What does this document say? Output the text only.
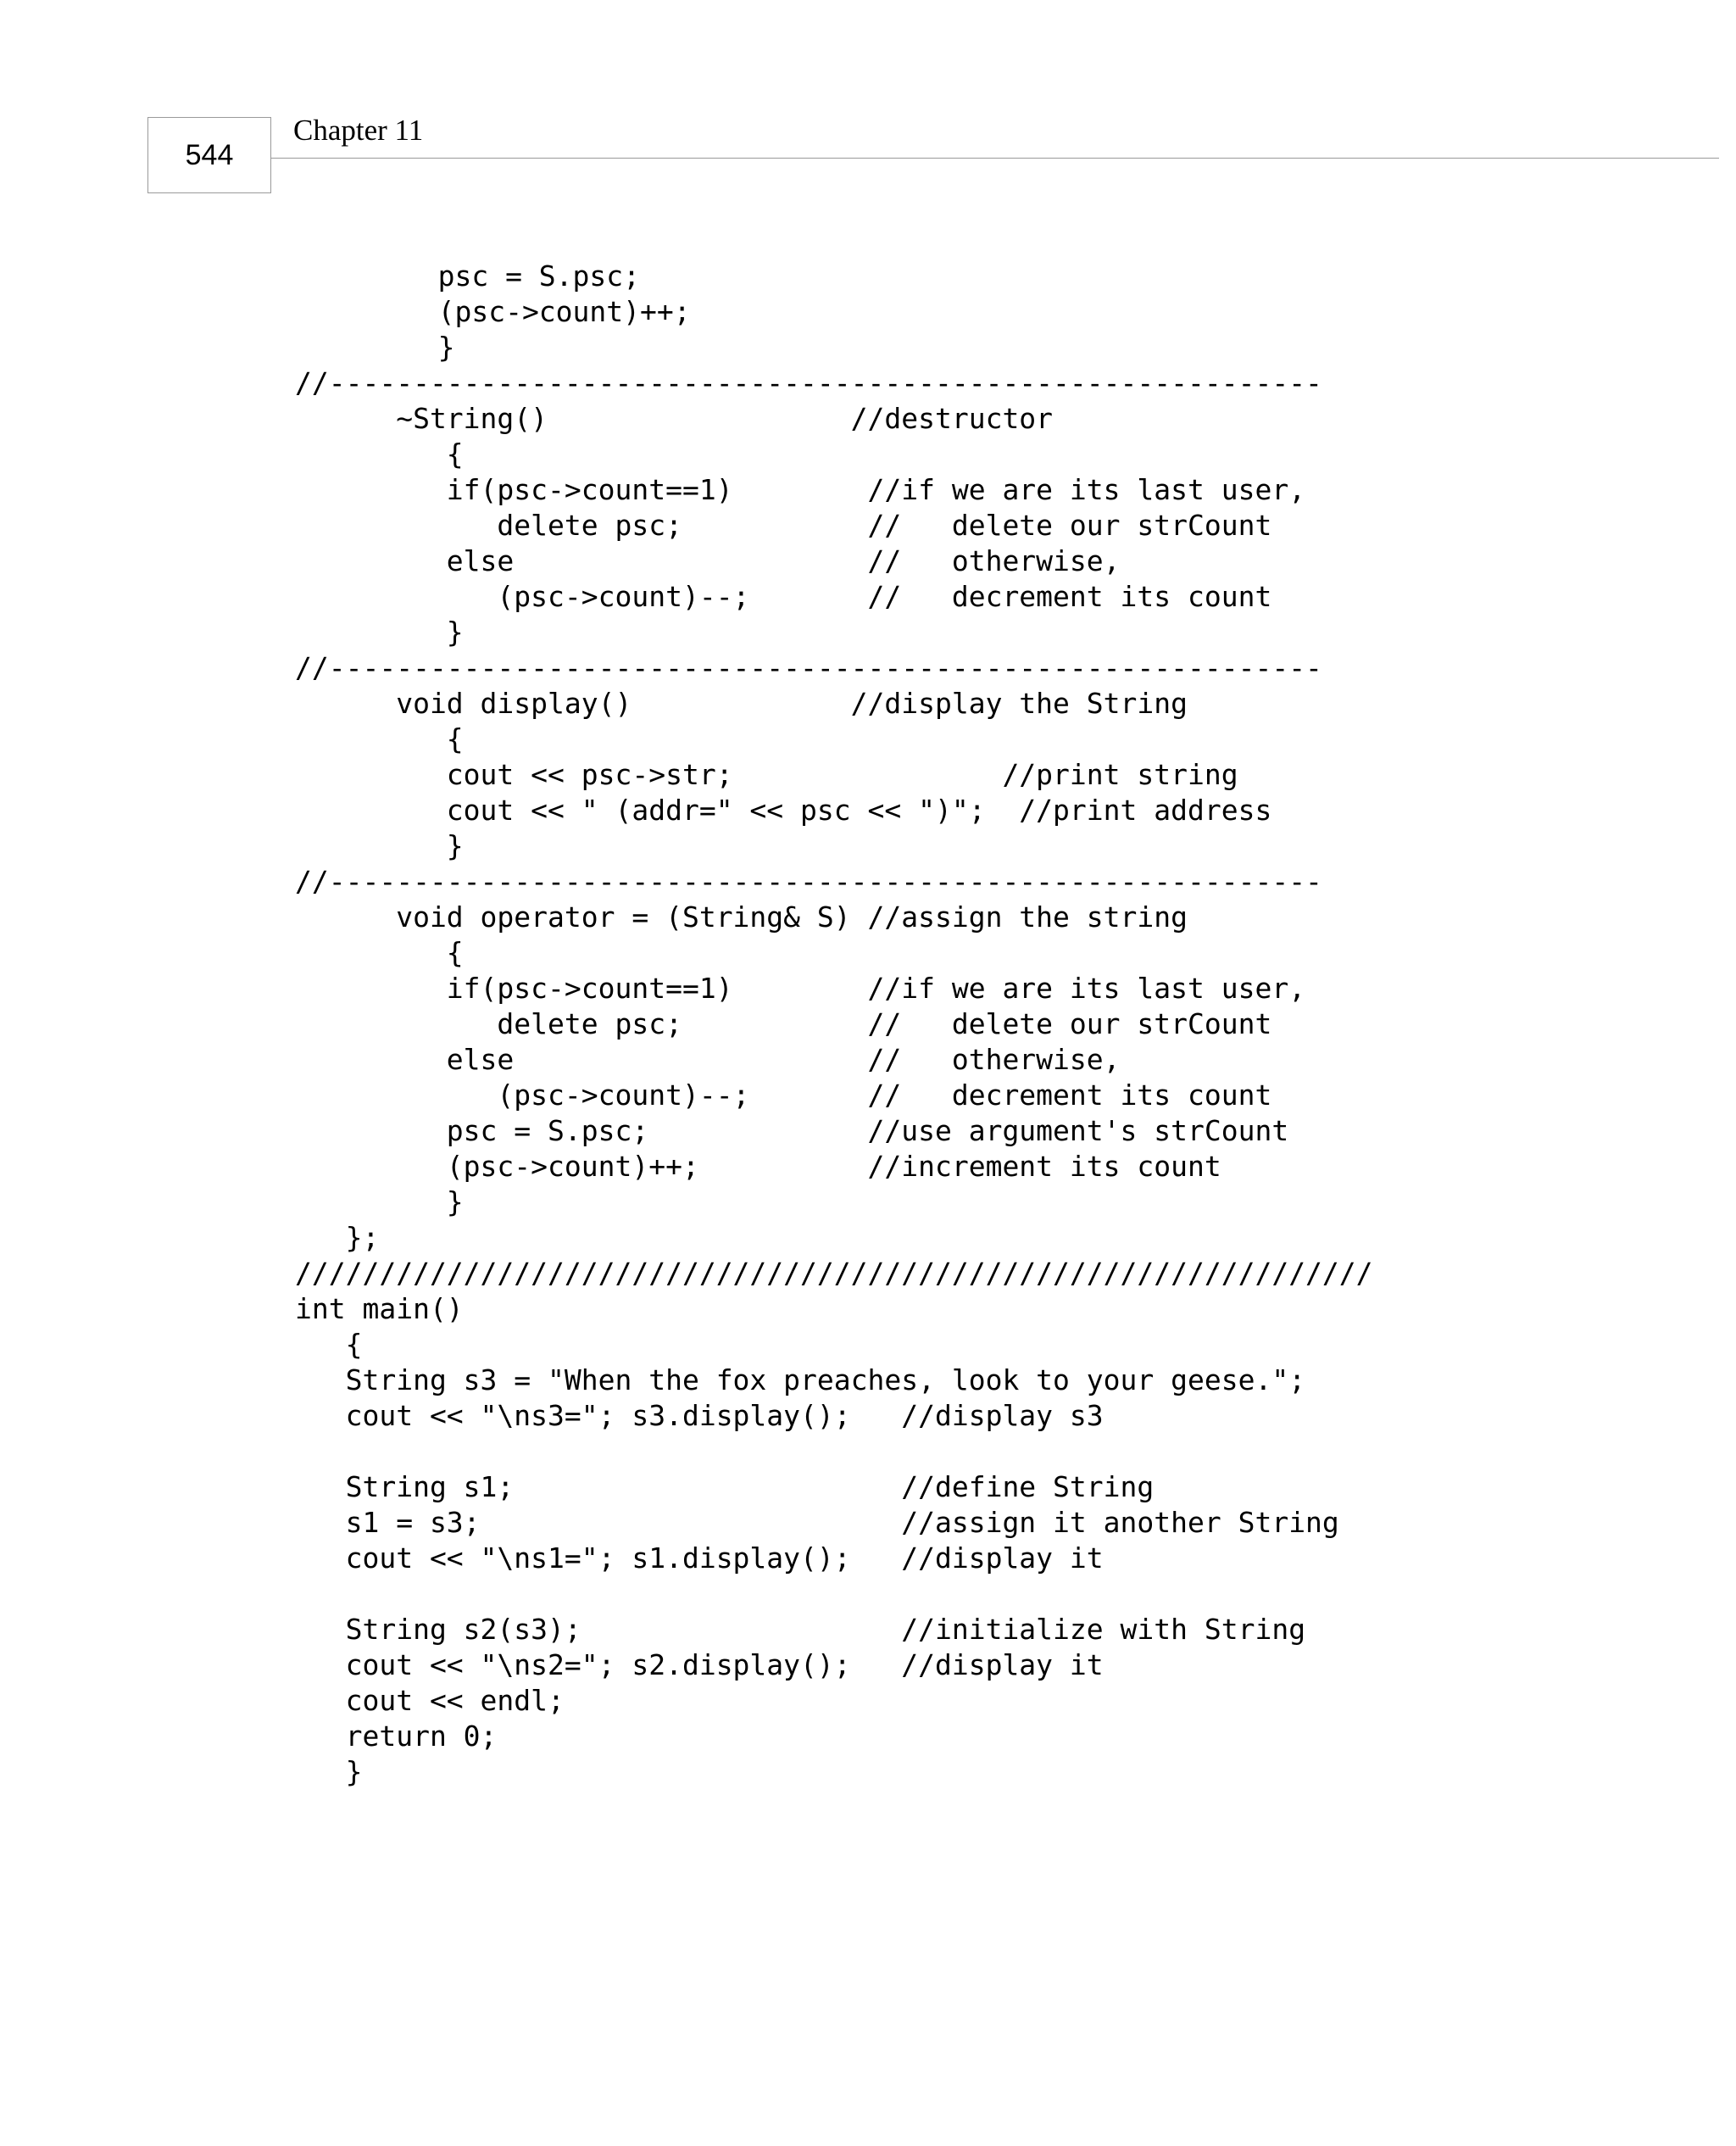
544
Chapter 11
psc = S.psc;
(psc->count)++;
}
//-----------------------------------------------------------
~String()                  //destructor
{
if(psc->count==1)        //if we are its last user,
delete psc;           //   delete our strCount
else                     //   otherwise,
(psc->count)--;       //   decrement its count
}
//-----------------------------------------------------------
void display()             //display the String
{
cout << psc->str;                //print string
cout << " (addr=" << psc << ")";  //print address
}
//-----------------------------------------------------------
void operator = (String& S) //assign the string
{
if(psc->count==1)        //if we are its last user,
delete psc;           //   delete our strCount
else                     //   otherwise,
(psc->count)--;       //   decrement its count
psc = S.psc;             //use argument's strCount
(psc->count)++;          //increment its count
}
};
////////////////////////////////////////////////////////////////
int main()
{
String s3 = "When the fox preaches, look to your geese.";
cout << "\ns3="; s3.display();   //display s3
String s1;                       //define String
s1 = s3;                         //assign it another String
cout << "\ns1="; s1.display();   //display it
String s2(s3);                   //initialize with String
cout << "\ns2="; s2.display();   //display it
cout << endl;
return 0;
}
